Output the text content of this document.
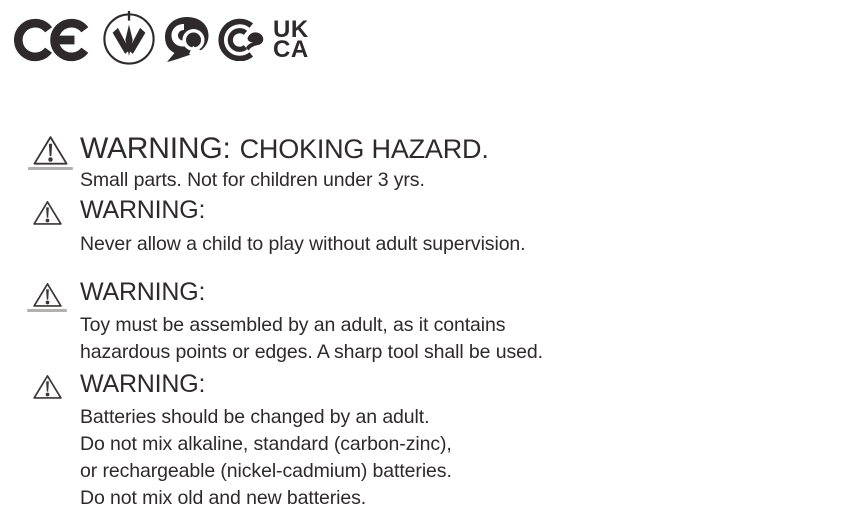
UK
CA
WARNING: CHOKING HAZARD.
Small parts. Not for children under 3 yrs.
WARNING:
Never allow a child to play without adult supervision.
WARNING:
Toy must be assembled by an adult, as it contains
hazardous points or edges. A sharp tool shall be used.
WARNING:
Batteries should be changed by an adult.
Do not mix alkaline, standard (carbon-zinc),
or rechargeable (nickel-cadmium) batteries.
Do not mix old and new batteries.
